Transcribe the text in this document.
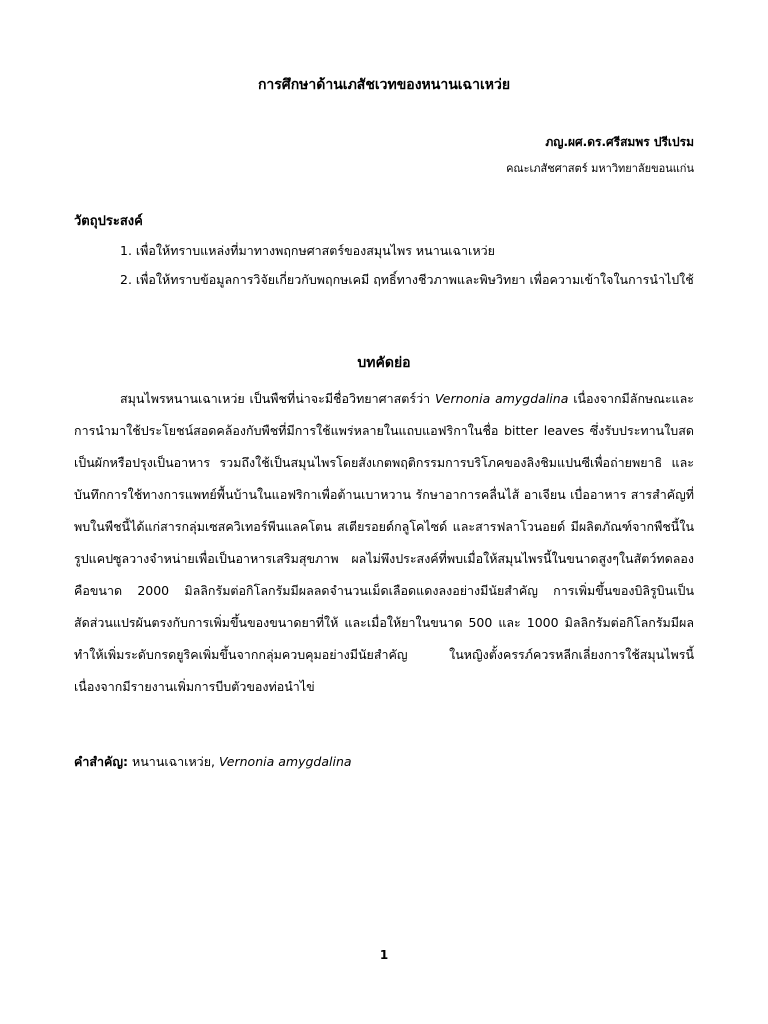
การศึกษาด้านเภสัชเวทของหนานเฉาเหว่ย
ภญ.ผศ.ดร.ศรีสมพร ปรีเปรม
คณะเภสัชศาสตร์ มหาวิทยาลัยขอนแก่น
วัตถุประสงค์
1. เพื่อให้ทราบแหล่งที่มาทางพฤกษศาสตร์ของสมุนไพร หนานเฉาเหว่ย
2. เพื่อให้ทราบข้อมูลการวิจัยเกี่ยวกับพฤกษเคมี ฤทธิ์ทางชีวภาพและพิษวิทยา เพื่อความเข้าใจในการนำไปใช้
บทคัดย่อ
สมุนไพรหนานเฉาเหว่ย เป็นพืชที่น่าจะมีชื่อวิทยาศาสตร์ว่า Vernonia amygdalina เนื่องจากมีลักษณะและการนำมาใช้ประโยชน์สอดคล้องกับพืชที่มีการใช้แพร่หลายในแถบแอฟริกาในชื่อ bitter leaves ซึ่งรับประทานใบสดเป็นผักหรือปรุงเป็นอาหาร รวมถึงใช้เป็นสมุนไพรโดยสังเกตพฤติกรรมการบริโภคของลิงชิมแปนซีเพื่อถ่ายพยาธิ และบันทึกการใช้ทางการแพทย์พื้นบ้านในแอฟริกาเพื่อต้านเบาหวาน รักษาอาการคลื่นไส้ อาเจียน เบื่ออาหาร สารสำคัญที่พบในพืชนี้ได้แก่สารกลุ่มเซสควิเทอร์พีนแลคโตน สเตียรอยด์กลูโคไซด์ และสารฟลาโวนอยด์ มีผลิตภัณฑ์จากพืชนี้ในรูปแคปซูลวางจำหน่ายเพื่อเป็นอาหารเสริมสุขภาพ ผลไม่พึงประสงค์ที่พบเมื่อให้สมุนไพรนี้ในขนาดสูงๆในสัตว์ทดลอง คือขนาด 2000 มิลลิกรัมต่อกิโลกรัมมีผลลดจำนวนเม็ดเลือดแดงลงอย่างมีนัยสำคัญ การเพิ่มขึ้นของบิลิรูบินเป็นสัดส่วนแปรผันตรงกับการเพิ่มขึ้นของขนาดยาที่ให้ และเมื่อให้ยาในขนาด 500 และ 1000 มิลลิกรัมต่อกิโลกรัมมีผลทำให้เพิ่มระดับกรดยูริคเพิ่มขึ้นจากกลุ่มควบคุมอย่างมีนัยสำคัญ ในหญิงตั้งครรภ์ควรหลีกเลี่ยงการใช้สมุนไพรนี้เนื่องจากมีรายงานเพิ่มการบีบตัวของท่อนำไข่
คำสำคัญ: หนานเฉาเหว่ย, Vernonia amygdalina
1
